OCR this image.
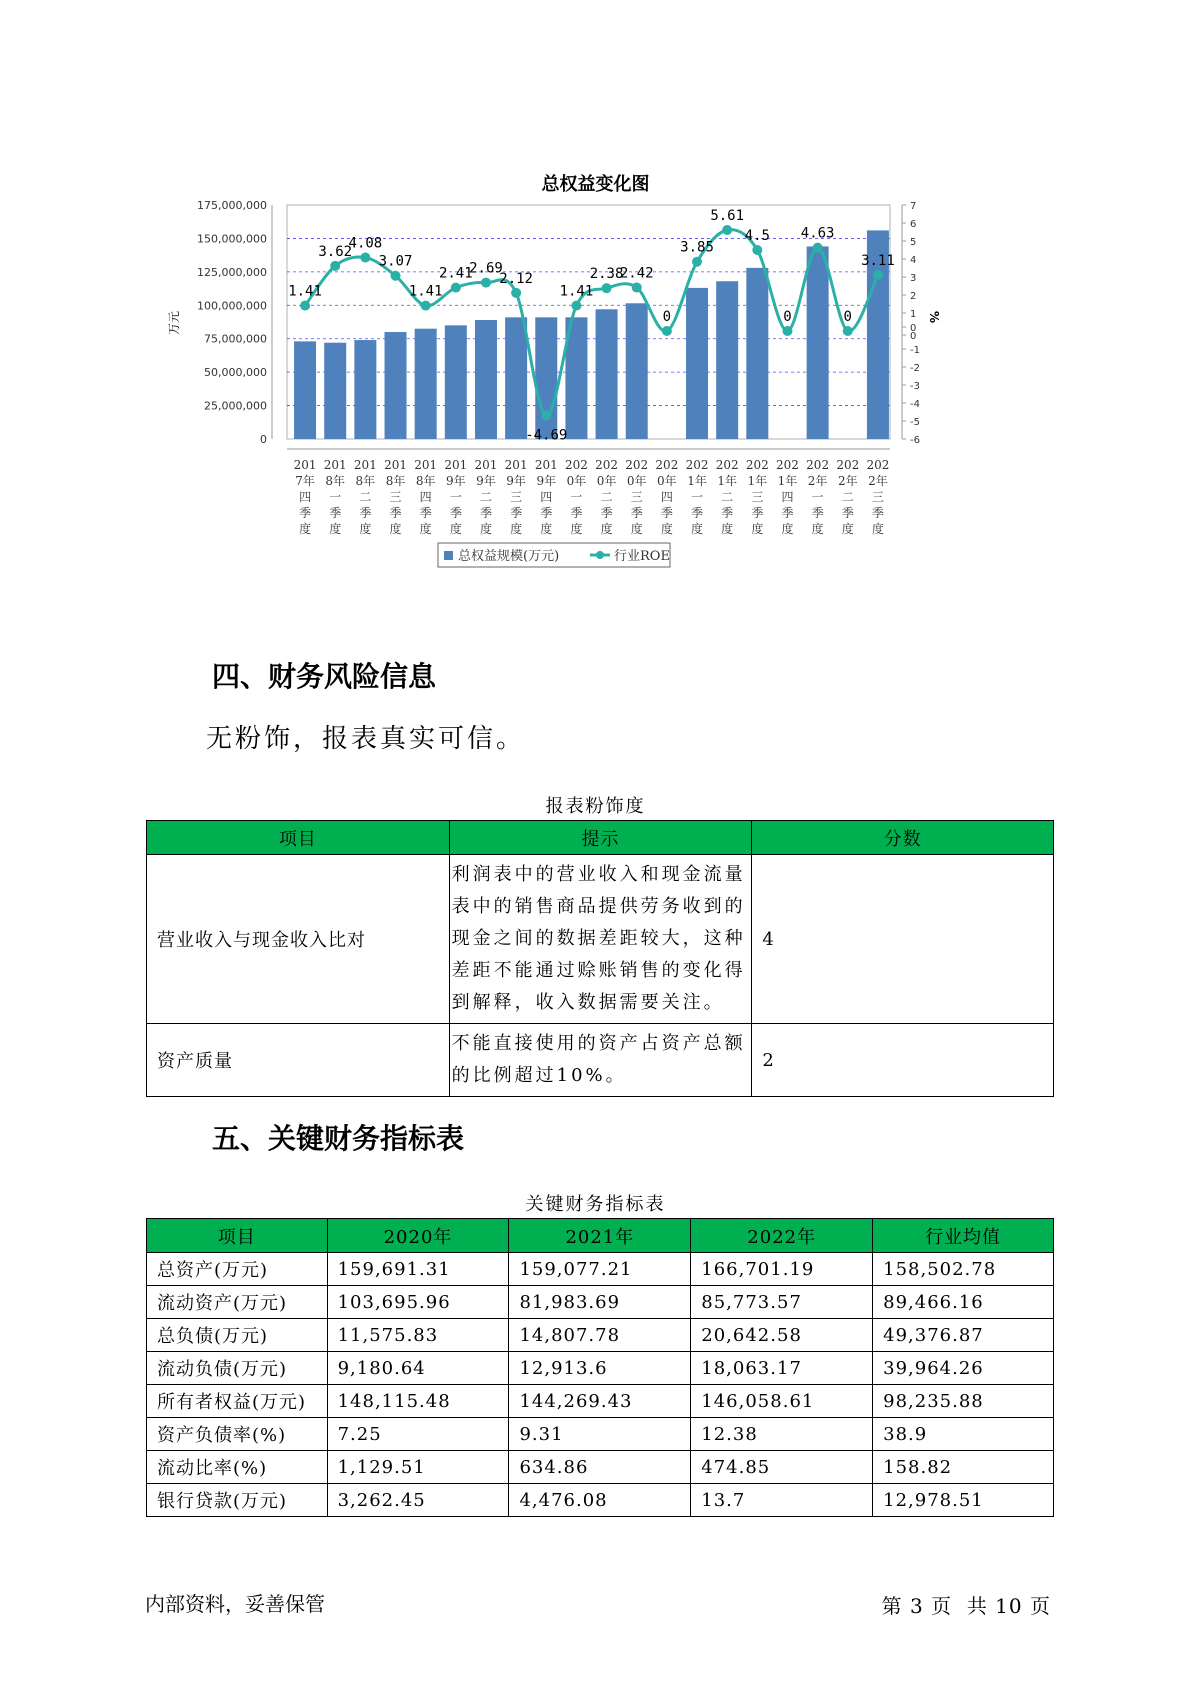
总权益变化图
0
25,000,000
50,000,000
75,000,000
100,000,000
125,000,000
150,000,000
175,000,000
-6
-5
-4
-3
-2
-1
0
0
1
2
3
4
5
6
7
万元	%
201
7年
四
季
度
201
8年
一
季
度
201
8年
二
季
度
201
8年
三
季
度
201
8年
四
季
度
201
9年
一
季
度
201
9年
二
季
度
201
9年
三
季
度
201
9年
四
季
度
202
0年
一
季
度
202
0年
二
季
度
202
0年
三
季
度
202
0年
四
季
度
202
1年
一
季
度
202
1年
二
季
度
202
1年
三
季
度
202
1年
四
季
度
202
2年
一
季
度
202
2年
二
季
度
202
2年
三
季
度
1.41
3.62
4.08
3.07
1.41
2.41
2.69
2.12
-4.69
1.41
2.38
2.42
0
3.85
5.61
4.5
0
4.63
0
3.11
总权益规模(万元)	行业ROE
四、财务风险信息
无粉饰，报表真实可信。
报表粉饰度
项目	提示	分数
营业收入与现金收入比对	利润表中的营业收入和现金流量表中的销售商品提供劳务收到的现金之间的数据差距较大，这种差距不能通过赊账销售的变化得到解释，收入数据需要关注。	4
资产质量	不能直接使用的资产占资产总额的比例超过10%。	2
五、关键财务指标表
关键财务指标表
项目	2020年	2021年	2022年	行业均值
总资产(万元)	159,691.31	159,077.21	166,701.19	158,502.78
流动资产(万元)	103,695.96	81,983.69	85,773.57	89,466.16
总负债(万元)	11,575.83	14,807.78	20,642.58	49,376.87
流动负债(万元)	9,180.64	12,913.6	18,063.17	39,964.26
所有者权益(万元)	148,115.48	144,269.43	146,058.61	98,235.88
资产负债率(%)	7.25	9.31	12.38	38.9
流动比率(%)	1,129.51	634.86	474.85	158.82
银行贷款(万元)	3,262.45	4,476.08	13.7	12,978.51
内部资料，妥善保管	第 3 页  共 10 页
